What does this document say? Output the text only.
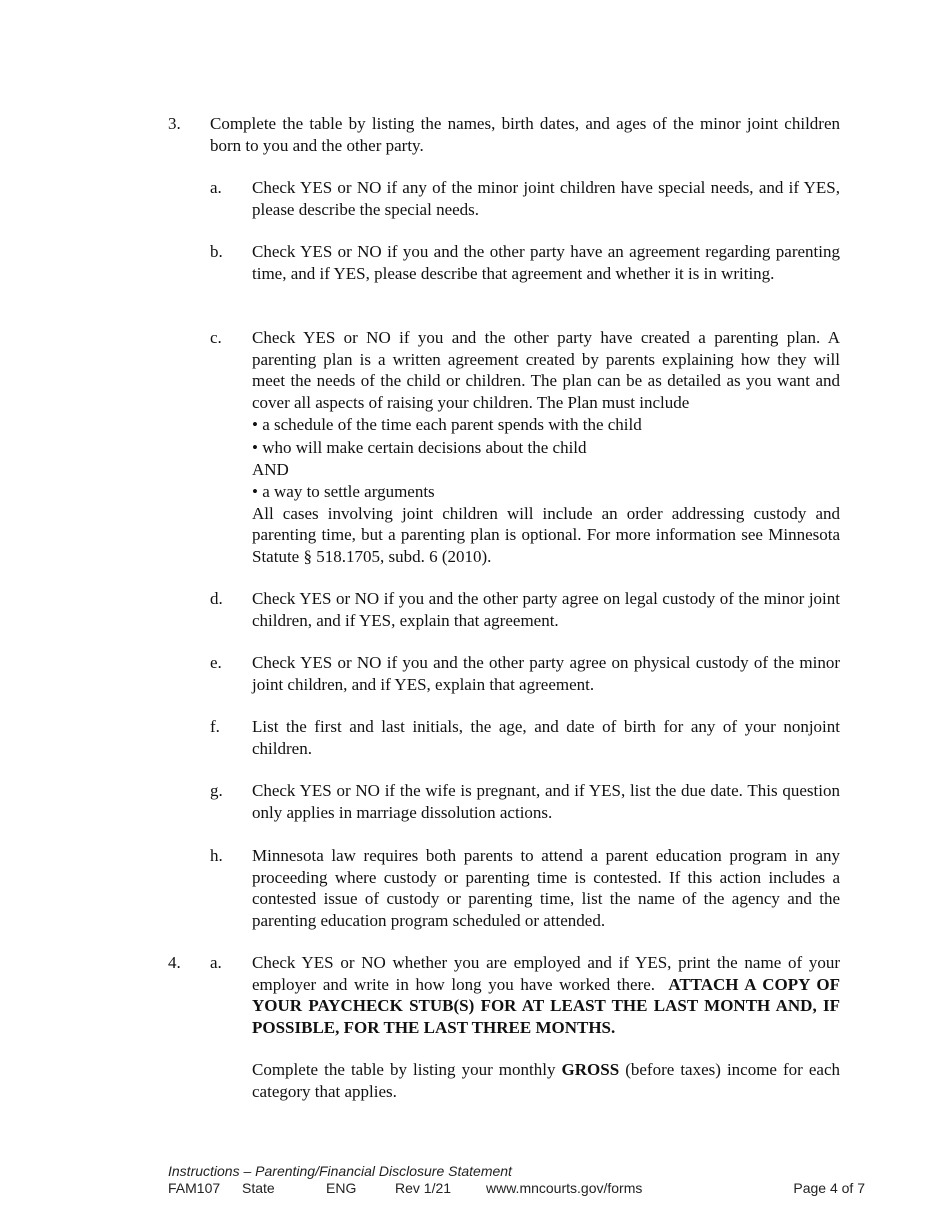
3. Complete the table by listing the names, birth dates, and ages of the minor joint children born to you and the other party.
a. Check YES or NO if any of the minor joint children have special needs, and if YES, please describe the special needs.
b. Check YES or NO if you and the other party have an agreement regarding parenting time, and if YES, please describe that agreement and whether it is in writing.
c. Check YES or NO if you and the other party have created a parenting plan. A parenting plan is a written agreement created by parents explaining how they will meet the needs of the child or children. The plan can be as detailed as you want and cover all aspects of raising your children. The Plan must include
• a schedule of the time each parent spends with the child
• who will make certain decisions about the child
AND
• a way to settle arguments
All cases involving joint children will include an order addressing custody and parenting time, but a parenting plan is optional. For more information see Minnesota Statute § 518.1705, subd. 6 (2010).
d. Check YES or NO if you and the other party agree on legal custody of the minor joint children, and if YES, explain that agreement.
e. Check YES or NO if you and the other party agree on physical custody of the minor joint children, and if YES, explain that agreement.
f. List the first and last initials, the age, and date of birth for any of your nonjoint children.
g. Check YES or NO if the wife is pregnant, and if YES, list the due date. This question only applies in marriage dissolution actions.
h. Minnesota law requires both parents to attend a parent education program in any proceeding where custody or parenting time is contested. If this action includes a contested issue of custody or parenting time, list the name of the agency and the parenting education program scheduled or attended.
4. a. Check YES or NO whether you are employed and if YES, print the name of your employer and write in how long you have worked there. ATTACH A COPY OF YOUR PAYCHECK STUB(S) FOR AT LEAST THE LAST MONTH AND, IF POSSIBLE, FOR THE LAST THREE MONTHS.
Complete the table by listing your monthly GROSS (before taxes) income for each category that applies.
Instructions – Parenting/Financial Disclosure Statement
FAM107 State	ENG	Rev 1/21 www.mncourts.gov/forms	Page 4 of 7
